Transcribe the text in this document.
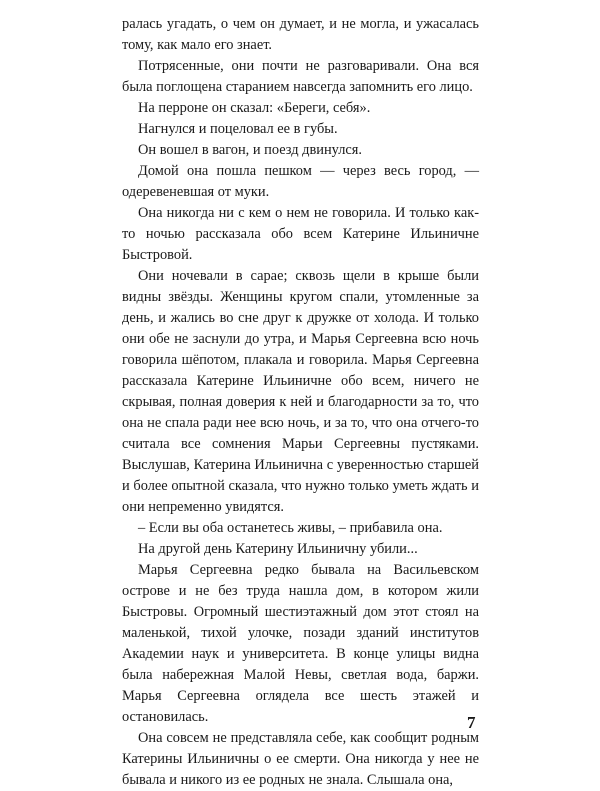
ралась угадать, о чем он думает, и не могла, и ужасалась тому, как мало его знает.

Потрясенные, они почти не разговаривали. Она вся была поглощена старанием навсегда запомнить его лицо.

На перроне он сказал: «Береги, себя».

Нагнулся и поцеловал ее в губы.

Он вошел в вагон, и поезд двинулся.

Домой она пошла пешком — через весь город, — одеревеневшая от муки.

Она никогда ни с кем о нем не говорила. И только как-то ночью рассказала обо всем Катерине Ильиничне Быстровой.

Они ночевали в сарае; сквозь щели в крыше были видны звёзды. Женщины кругом спали, утомленные за день, и жались во сне друг к дружке от холода. И только они обе не заснули до утра, и Марья Сергеевна всю ночь говорила шёпотом, плакала и говорила. Марья Сергеевна рассказала Катерине Ильиничне обо всем, ничего не скрывая, полная доверия к ней и благодарности за то, что она не спала ради нее всю ночь, и за то, что она отчего-то считала все сомнения Марьи Сергеевны пустяками. Выслушав, Катерина Ильинична с уверенностью старшей и более опытной сказала, что нужно только уметь ждать и они непременно увидятся.

– Если вы оба останетесь живы, – прибавила она.

На другой день Катерину Ильиничну убили...

Марья Сергеевна редко бывала на Васильевском острове и не без труда нашла дом, в котором жили Быстровы. Огромный шестиэтажный дом этот стоял на маленькой, тихой улочке, позади зданий институтов Академии наук и университета. В конце улицы видна была набережная Малой Невы, светлая вода, баржи. Марья Сергеевна оглядела все шесть этажей и остановилась.

Она совсем не представляла себе, как сообщит родным Катерины Ильиничны о ее смерти. Она никогда у нее не бывала и никого из ее родных не знала. Слышала она,

7
